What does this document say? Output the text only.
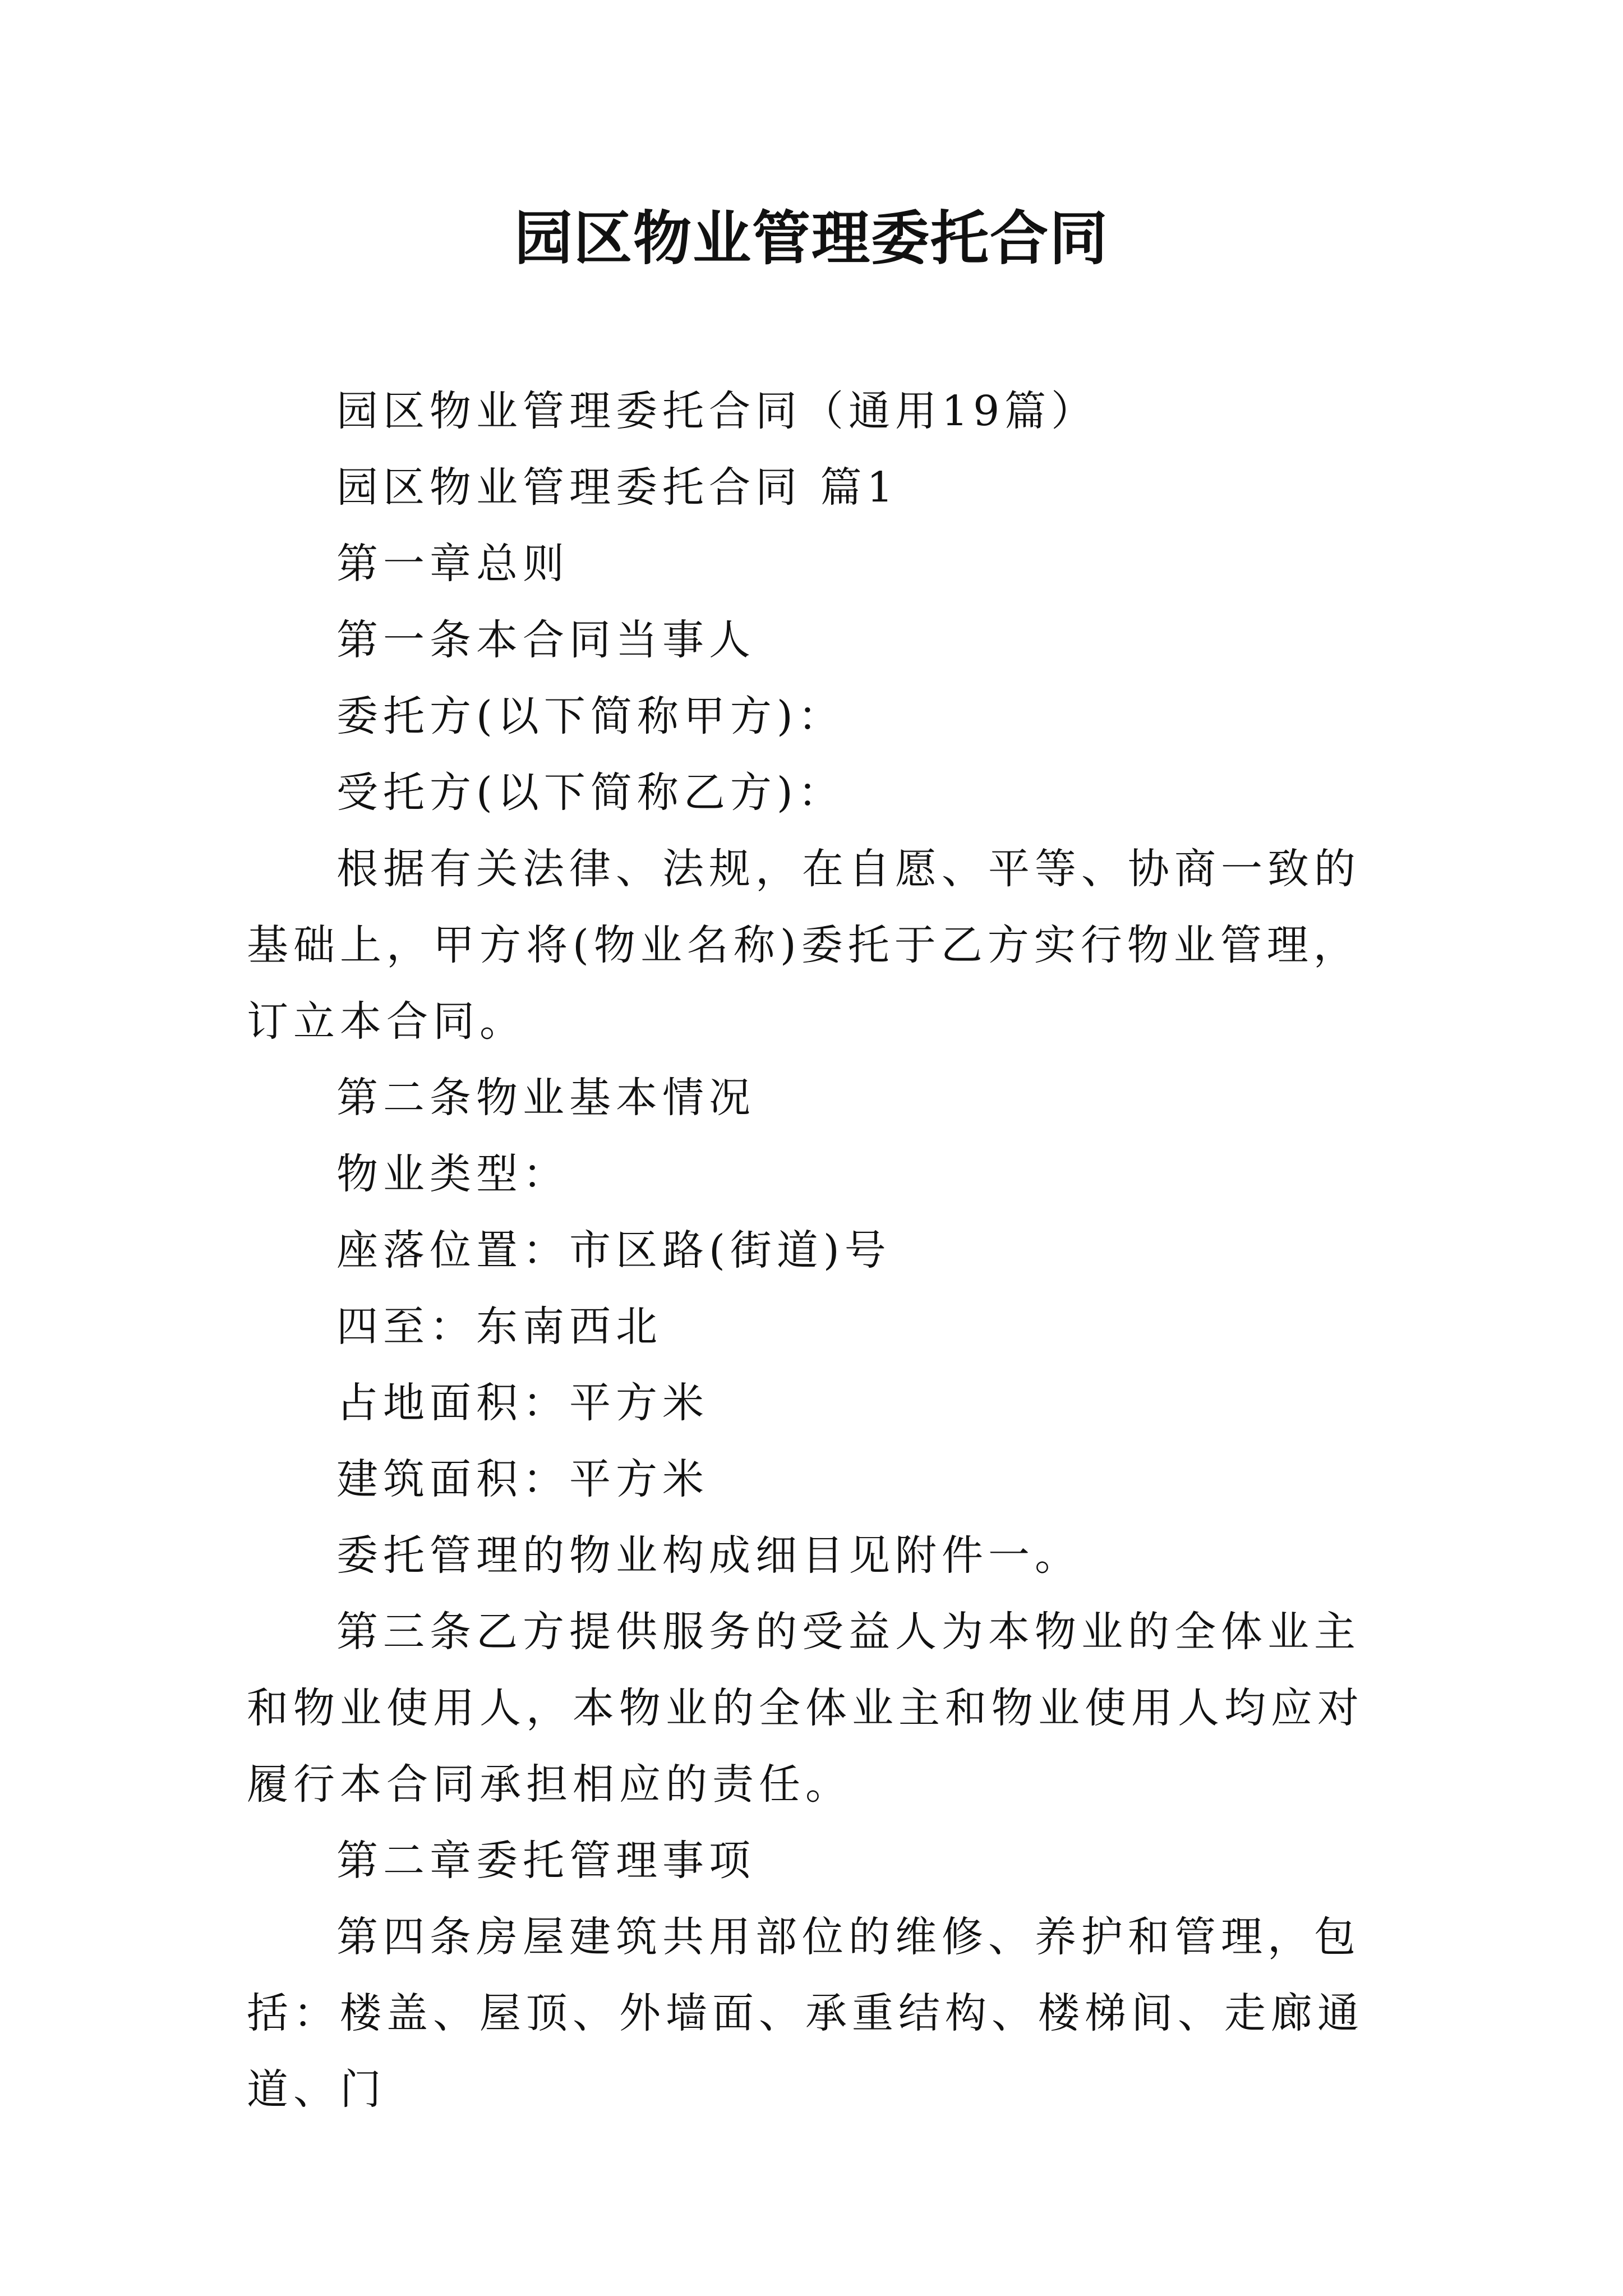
园区物业管理委托合同

园区物业管理委托合同（通用19篇）

园区物业管理委托合同 篇1

第一章总则

第一条本合同当事人

委托方(以下简称甲方)：

受托方(以下简称乙方)：

根据有关法律、法规，在自愿、平等、协商一致的基础上，甲方将(物业名称)委托于乙方实行物业管理，订立本合同。

第二条物业基本情况

物业类型：

座落位置：市区路(街道)号

四至：东南西北

占地面积：平方米

建筑面积：平方米

委托管理的物业构成细目见附件一。

第三条乙方提供服务的受益人为本物业的全体业主和物业使用人，本物业的全体业主和物业使用人均应对履行本合同承担相应的责任。

第二章委托管理事项

第四条房屋建筑共用部位的维修、养护和管理，包括：楼盖、屋顶、外墙面、承重结构、楼梯间、走廊通道、门
